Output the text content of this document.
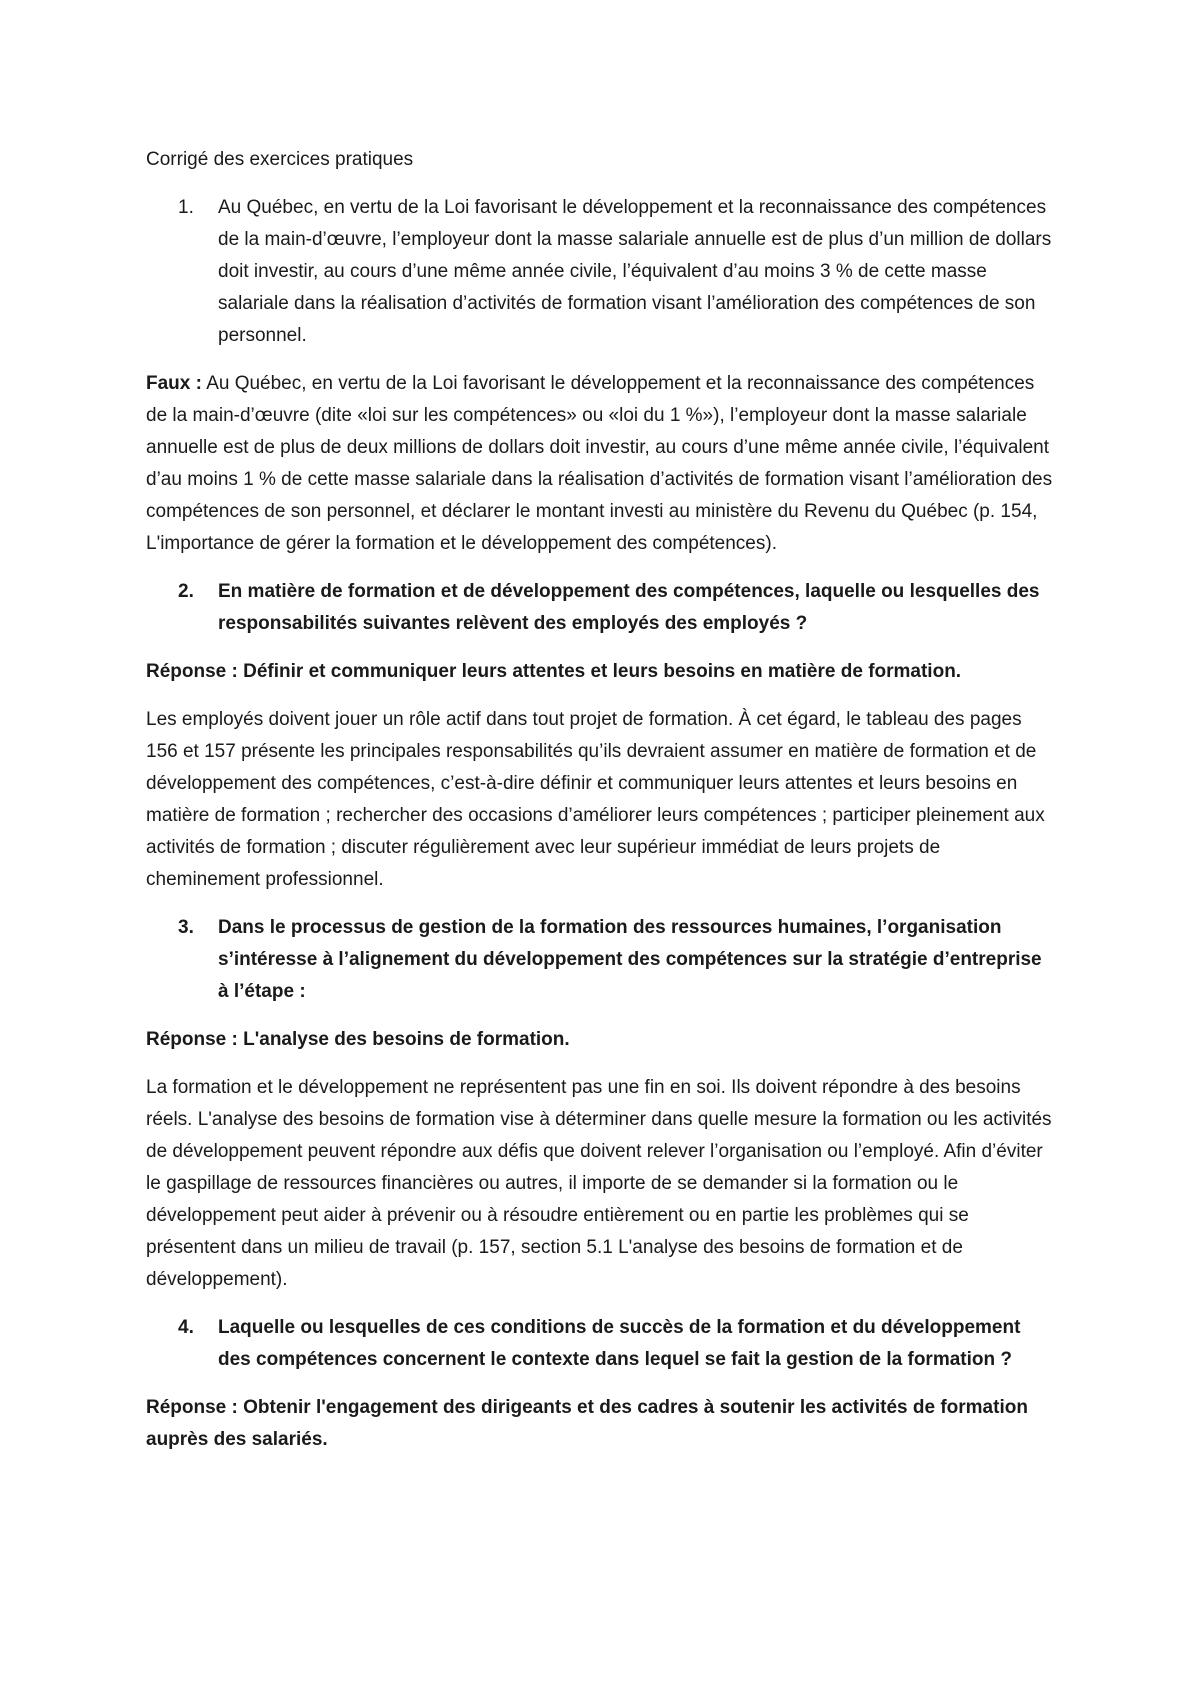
Corrigé des exercices pratiques

1. Au Québec, en vertu de la Loi favorisant le développement et la reconnaissance des compétences de la main-d’œuvre, l’employeur dont la masse salariale annuelle est de plus d’un million de dollars doit investir, au cours d’une même année civile, l’équivalent d’au moins 3 % de cette masse salariale dans la réalisation d’activités de formation visant l’amélioration des compétences de son personnel.

Faux : Au Québec, en vertu de la Loi favorisant le développement et la reconnaissance des compétences de la main-d’œuvre (dite «loi sur les compétences» ou «loi du 1 %»), l’employeur dont la masse salariale annuelle est de plus de deux millions de dollars doit investir, au cours d’une même année civile, l’équivalent d’au moins 1 % de cette masse salariale dans la réalisation d’activités de formation visant l’amélioration des compétences de son personnel, et déclarer le montant investi au ministère du Revenu du Québec (p. 154, L'importance de gérer la formation et le développement des compétences).

2. En matière de formation et de développement des compétences, laquelle ou lesquelles des responsabilités suivantes relèvent des employés des employés ?

Réponse : Définir et communiquer leurs attentes et leurs besoins en matière de formation.

Les employés doivent jouer un rôle actif dans tout projet de formation. À cet égard, le tableau des pages 156 et 157 présente les principales responsabilités qu’ils devraient assumer en matière de formation et de développement des compétences, c’est-à-dire définir et communiquer leurs attentes et leurs besoins en matière de formation ; rechercher des occasions d’améliorer leurs compétences ; participer pleinement aux activités de formation ; discuter régulièrement avec leur supérieur immédiat de leurs projets de cheminement professionnel.

3. Dans le processus de gestion de la formation des ressources humaines, l’organisation s’intéresse à l’alignement du développement des compétences sur la stratégie d’entreprise à l’étape :

Réponse : L'analyse des besoins de formation.

La formation et le développement ne représentent pas une fin en soi. Ils doivent répondre à des besoins réels. L'analyse des besoins de formation vise à déterminer dans quelle mesure la formation ou les activités de développement peuvent répondre aux défis que doivent relever l’organisation ou l’employé. Afin d’éviter le gaspillage de ressources financières ou autres, il importe de se demander si la formation ou le développement peut aider à prévenir ou à résoudre entièrement ou en partie les problèmes qui se présentent dans un milieu de travail (p. 157, section 5.1 L'analyse des besoins de formation et de développement).

4. Laquelle ou lesquelles de ces conditions de succès de la formation et du développement des compétences concernent le contexte dans lequel se fait la gestion de la formation ?

Réponse : Obtenir l'engagement des dirigeants et des cadres à soutenir les activités de formation auprès des salariés.
